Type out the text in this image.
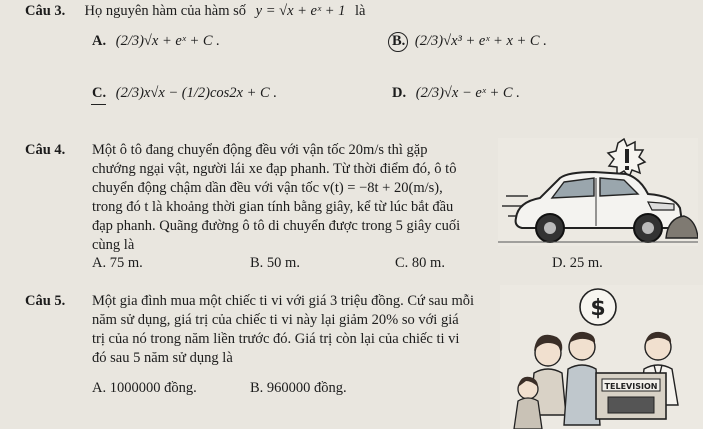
Câu 3. Họ nguyên hàm của hàm số y = √x + eˣ + 1 là
A. (2/3)√x + eˣ + C .	B. (2/3)√x³ + eˣ + x + C .
C. (2/3)x√x − (1/2)cos2x + C .	D. (2/3)√x − eˣ + C .
Câu 4. Một ô tô đang chuyển động đều với vận tốc 20m/s thì gặp
chướng ngại vật, người lái xe đạp phanh. Từ thời điểm đó, ô tô
chuyển động chậm dần đều với vận tốc v(t) = −8t + 20(m/s),
trong đó t là khoảng thời gian tính bằng giây, kể từ lúc bắt đầu
đạp phanh. Quãng đường ô tô di chuyển được trong 5 giây cuối
cùng là
A. 75 m.	B. 50 m.	C. 80 m.	D. 25 m.
Câu 5. Một gia đình mua một chiếc ti vi với giá 3 triệu đồng. Cứ sau mỗi
năm sử dụng, giá trị của chiếc ti vi này lại giảm 20% so với giá
trị của nó trong năm liền trước đó. Giá trị còn lại của chiếc ti vi
đó sau 5 năm sử dụng là
$
TELEVISION
A. 1000000 đồng.	B. 960000 đồng.
